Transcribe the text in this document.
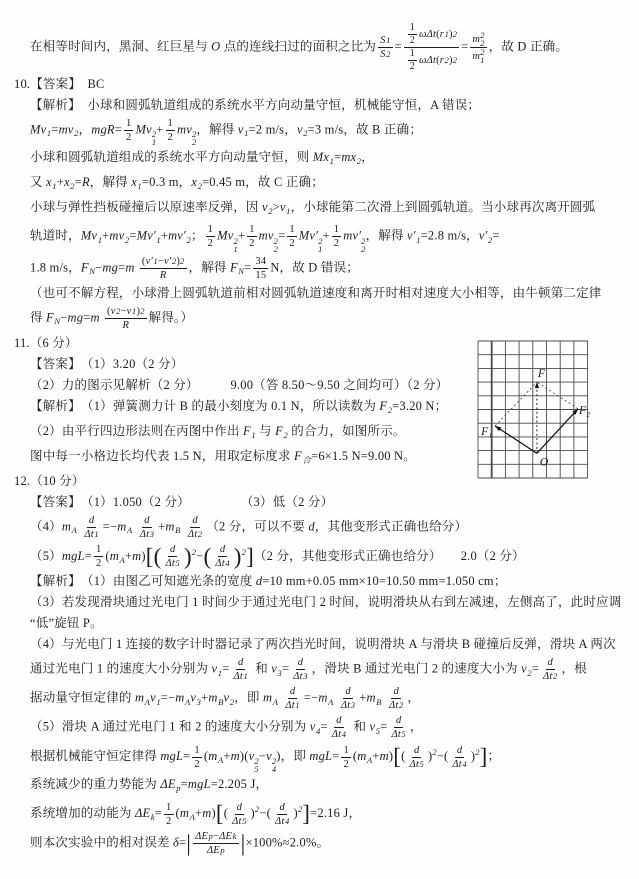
在相等时间内，黑洞、红巨星与 O 点的连线扫过的面积之比为 $\frac{S 1}{S 2} = \frac{\frac{1}{2} \omega\Delta t ( r 1 ) 2}{\frac{1}{2} \omega\Delta t ( r 2 ) 2} = m$ 2
2
m 2
1 ，故 D 正确。
10.【答案】　BC
【解析】　小球和圆弧轨道组成的系统水平方向动量守恒，机械能守恒，A 错误；
$Mv_1=mv_2$，$mgR= \frac{1}{2}$ Mv 2
1
+ $\frac{1}{2}$ mv 2
2
，解得 $v_1=2$ m/s，$v_2=3$ m/s，故 B 正确；
小球和圆弧轨道组成的系统水平方向动量守恒，则 $Mx_1=mx_2$，
又 $x_1+x_2=R$，解得 $x_1=0.3$ m，$x_2=0.45$ m，故 C 正确；
小球与弹性挡板碰撞后以原速率反弹，因 $v_2>v_1$，小球能第二次滑上到圆弧轨道。当小球再次离开圆弧
轨道时，$Mv_1+mv_2=Mv'_1+mv'_2$； $\frac{1}{2}$ Mv 2
1
+ $\frac{1}{2}$ mv 2
2
= $\frac{1}{2} Mv'$ 2
1
+ $\frac{1}{2} mv'$ 2
2
，解得 $v'_1=2.8$ m/s，$v'_2=$
1.8 m/s，$F_N-mg=m \frac{( v' 1 - v' 2 ) 2}{R}$ ，解得 $F_N= \frac{34}{15}$ N，故 D 错误；
（也可不解方程，小球滑上圆弧轨道前相对圆弧轨道速度和离开时相对速度大小相等，由牛顿第二定律
得 $F_N-mg=m \frac{( v 2 - v 1 ) 2}{R}$ 解得。）
11.（6 分）
【答案】　（1）3.20（2 分）
（2）力的图示见解析（2 分）　　　9.00（答 8.50～9.50 之间均可）（2 分）
【解析】　（1）弹簧测力计 B 的最小刻度为 0.1 N，所以读数为 $F_2=3.20$ N；
（2）由平行四边形法则在丙图中作出 $F_1$ 与 $F_2$ 的合力，如图所示。
图中每一小格边长均代表 1.5 N，用取定标度求 $F_合=6\times 1.5$ N=9.00 N。
12.（10 分）
【答案】　（1）1.050（2 分）　　　　　（3）低（2 分）
$(4)m_A \frac{d}{\Delta t 1} =-m_A \frac{d}{\Delta t 3} +m_B \frac{d}{\Delta t 2} (2$ 分，可以不要 d，其他变形式正确也给分）
$(5)mgL= \frac{1}{2} (m_A+m)[( \frac{d}{\Delta t 5} )^2-( \frac{d}{\Delta t 4} )^2](2$ 分，其他变形式正确也给分）　　2.0（2 分）
【解析】　（1）由图乙可知遮光条的宽度 d=10 mm+0.05 mm×10=10.50 mm=1.050 cm；
（3）若发现滑块通过光电门 1 时间少于通过光电门 2 时间，说明滑块从右到左减速，左侧高了，此时应调
“低”旋钮 P。
（4）与光电门 1 连接的数字计时器记录了两次挡光时间，说明滑块 A 与滑块 B 碰撞后反弹，滑块 A 两次
通过光电门 1 的速度大小分别为 $v_1= \frac{d}{\Delta t 1}$ 和 $v_3= \frac{d}{\Delta t 3}$ ，滑块 B 通过光电门 2 的速度大小为 $v_2= \frac{d}{\Delta t 2}$ ，根
据动量守恒定律的 $m_Av_1=-m_Av_3+m_Bv_2$，即 $m_A \frac{d}{\Delta t 1} =-m_A \frac{d}{\Delta t 3} +m_B \frac{d}{\Delta t 2}$ ，
（5）滑块 A 通过光电门 1 和 2 的速度大小分别为 $v_4= \frac{d}{\Delta t 4}$ 和 $v_5= \frac{d}{\Delta t 5}$ ，
根据机械能守恒定律得 $mgL= \frac{1}{2} (m_A+m)(v$ 2
5
−v 2
4
)，即 $mgL= \frac{1}{2} (m_A+m)[( \frac{d}{\Delta t 5} )^2-( \frac{d}{\Delta t 4} )^2]$；
系统减少的重力势能为 $\Delta E_p=mgL=2.205$ J，
系统增加的动能为 $\Delta E_k= \frac{1}{2} (m_A+m)[( \frac{d}{\Delta t 5} )^2-( \frac{d}{\Delta t 4} )^2]=2.16$ J，
则本次实验中的相对误差 $\delta=| \frac{\text{ΔE p − ΔE k}}{\text{ΔE p}} |\times 100\%\approx 2.0\%$。
F
F₁
F₂
O
